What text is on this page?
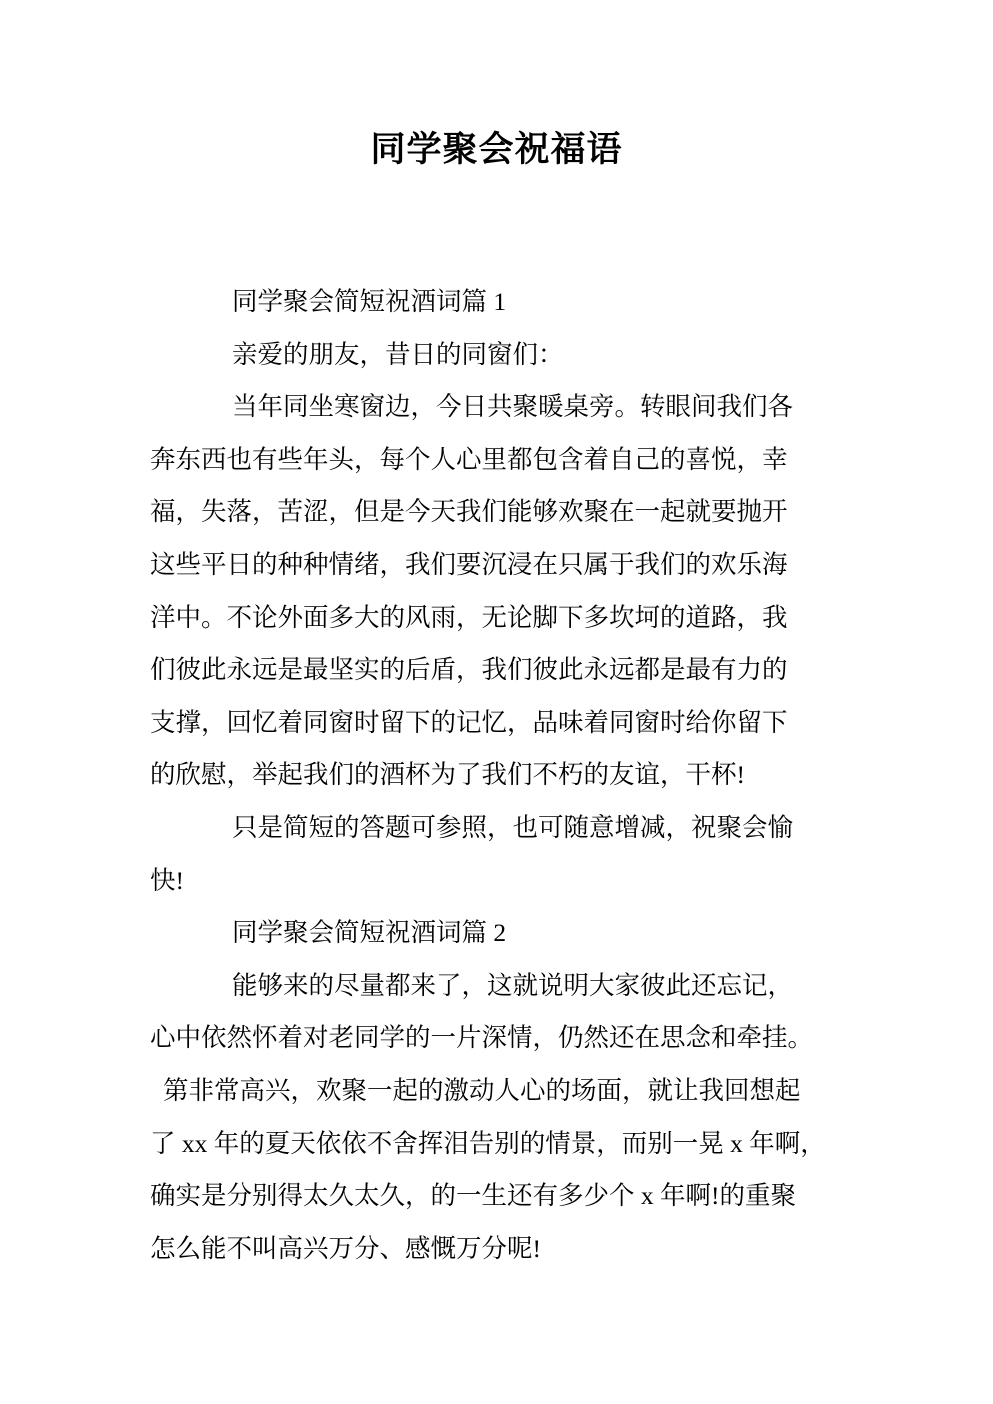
同学聚会祝福语
同学聚会简短祝酒词篇 1
亲爱的朋友，昔日的同窗们：
当年同坐寒窗边，今日共聚暖桌旁。转眼间我们各
奔东西也有些年头，每个人心里都包含着自己的喜悦，幸
福，失落，苦涩，但是今天我们能够欢聚在一起就要抛开
这些平日的种种情绪，我们要沉浸在只属于我们的欢乐海
洋中。不论外面多大的风雨，无论脚下多坎坷的道路，我
们彼此永远是最坚实的后盾，我们彼此永远都是最有力的
支撑，回忆着同窗时留下的记忆，品味着同窗时给你留下
的欣慰，举起我们的酒杯为了我们不朽的友谊，干杯!
只是简短的答题可参照，也可随意增减，祝聚会愉
快!
同学聚会简短祝酒词篇 2
能够来的尽量都来了，这就说明大家彼此还忘记，
心中依然怀着对老同学的一片深情，仍然还在思念和牵挂。
第非常高兴，欢聚一起的激动人心的场面，就让我回想起
了 xx 年的夏天依依不舍挥泪告别的情景，而别一晃 x 年啊，
确实是分别得太久太久，的一生还有多少个 x 年啊!的重聚
怎么能不叫高兴万分、感慨万分呢!
